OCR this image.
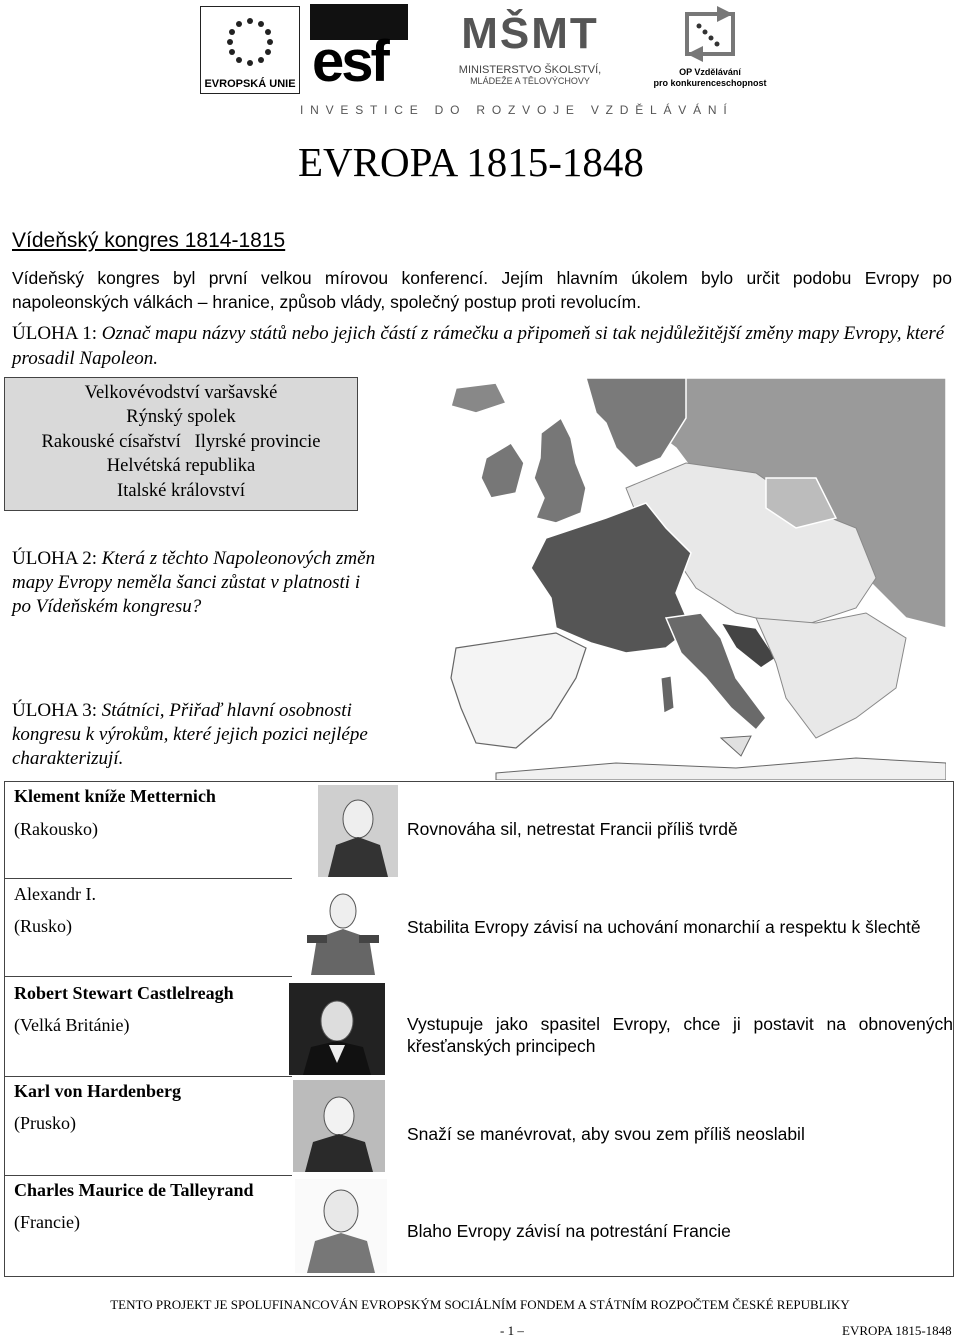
EVROPSKÁ UNIE esf	MŠMT
MINISTERSTVO ŠKOLSTVÍ,
MLÁDEŽE A TĚLOVÝCHOVY
OP Vzdělávání
pro konkurenceschopnost
INVESTICE DO ROZVOJE VZDĚLÁVÁNÍ
EVROPA 1815-1848
Vídeňský kongres 1814-1815
Vídeňský kongres byl první velkou mírovou konferencí. Jejím hlavním úkolem bylo určit podobu Evropy po napoleonských válkách – hranice, způsob vlády, společný postup proti revolucím.
ÚLOHA 1: Označ mapu názvy států nebo jejich částí z rámečku a připomeň si tak nejdůležitější změny mapy Evropy, které prosadil Napoleon.
Velkovévodství varšavské
Rýnský spolek
Rakouské císařství   Ilyrské provincie
Helvétská republika
Italské království
ÚLOHA 2: Která z těchto Napoleonových změn mapy Evropy neměla šanci zůstat v platnosti i po Vídeňském kongresu?
ÚLOHA 3: Státníci, Přiřaď hlavní osobnosti kongresu k výrokům, které jejich pozici nejlépe charakterizují.
Klement kníže Metternich
(Rakousko)
Alexandr I.
(Rusko)
Robert Stewart Castlelreagh
(Velká Británie)
Karl von Hardenberg
(Prusko)
Charles Maurice de Talleyrand
(Francie)
Rovnováha sil, netrestat Francii příliš tvrdě
Stabilita Evropy závisí na uchování monarchií a respektu k šlechtě
Vystupuje jako spasitel Evropy, chce ji postavit na obnovených křesťanských principech
Snaží se manévrovat, aby svou zem příliš neoslabil
Blaho Evropy závisí na potrestání Francie
TENTO PROJEKT JE SPOLUFINANCOVÁN EVROPSKÝM SOCIÁLNÍM FONDEM A STÁTNÍM ROZPOČTEM ČESKÉ REPUBLIKY
- 1 –	EVROPA 1815-1848
